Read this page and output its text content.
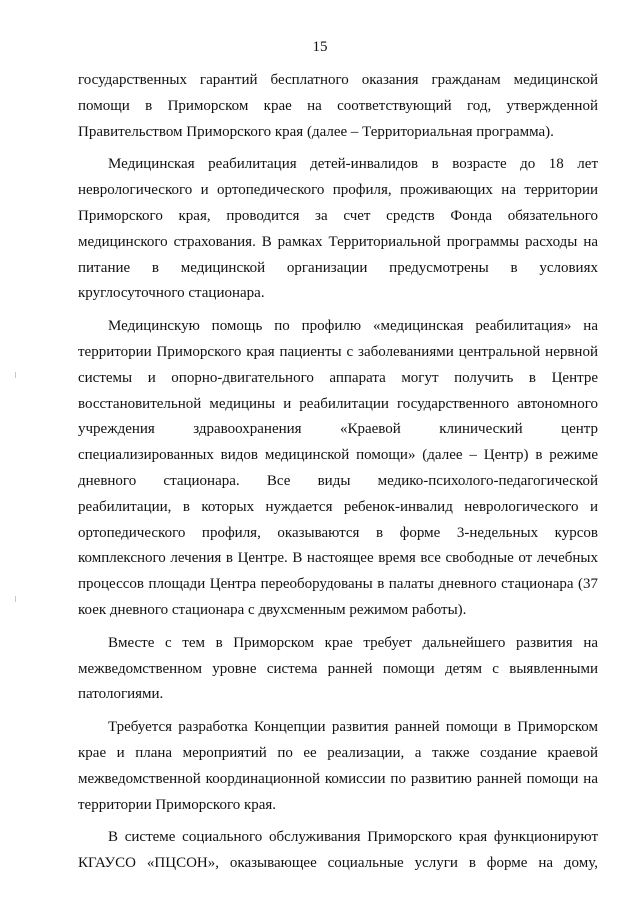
15

государственных гарантий бесплатного оказания гражданам медицинской помощи в Приморском крае на соответствующий год, утвержденной Правительством Приморского края (далее – Территориальная программа).

Медицинская реабилитация детей-инвалидов в возрасте до 18 лет неврологического и ортопедического профиля, проживающих на территории Приморского края, проводится за счет средств Фонда обязательного медицинского страхования. В рамках Территориальной программы расходы на питание в медицинской организации предусмотрены в условиях круглосуточного стационара.

Медицинскую помощь по профилю «медицинская реабилитация» на территории Приморского края пациенты с заболеваниями центральной нервной системы и опорно-двигательного аппарата могут получить в Центре восстановительной медицины и реабилитации государственного автономного учреждения здравоохранения «Краевой клинический центр специализированных видов медицинской помощи» (далее – Центр) в режиме дневного стационара. Все виды медико-психолого-педагогической реабилитации, в которых нуждается ребенок-инвалид неврологического и ортопедического профиля, оказываются в форме 3-недельных курсов комплексного лечения в Центре. В настоящее время все свободные от лечебных процессов площади Центра переоборудованы в палаты дневного стационара (37 коек дневного стационара с двухсменным режимом работы).

Вместе с тем в Приморском крае требует дальнейшего развития на межведомственном уровне система ранней помощи детям с выявленными патологиями.

Требуется разработка Концепции развития ранней помощи в Приморском крае и плана мероприятий по ее реализации, а также создание краевой межведомственной координационной комиссии по развитию ранней помощи на территории Приморского края.

В системе социального обслуживания Приморского края функционируют КГАУСО «ПЦСОН», оказывающее социальные услуги в форме на дому,
